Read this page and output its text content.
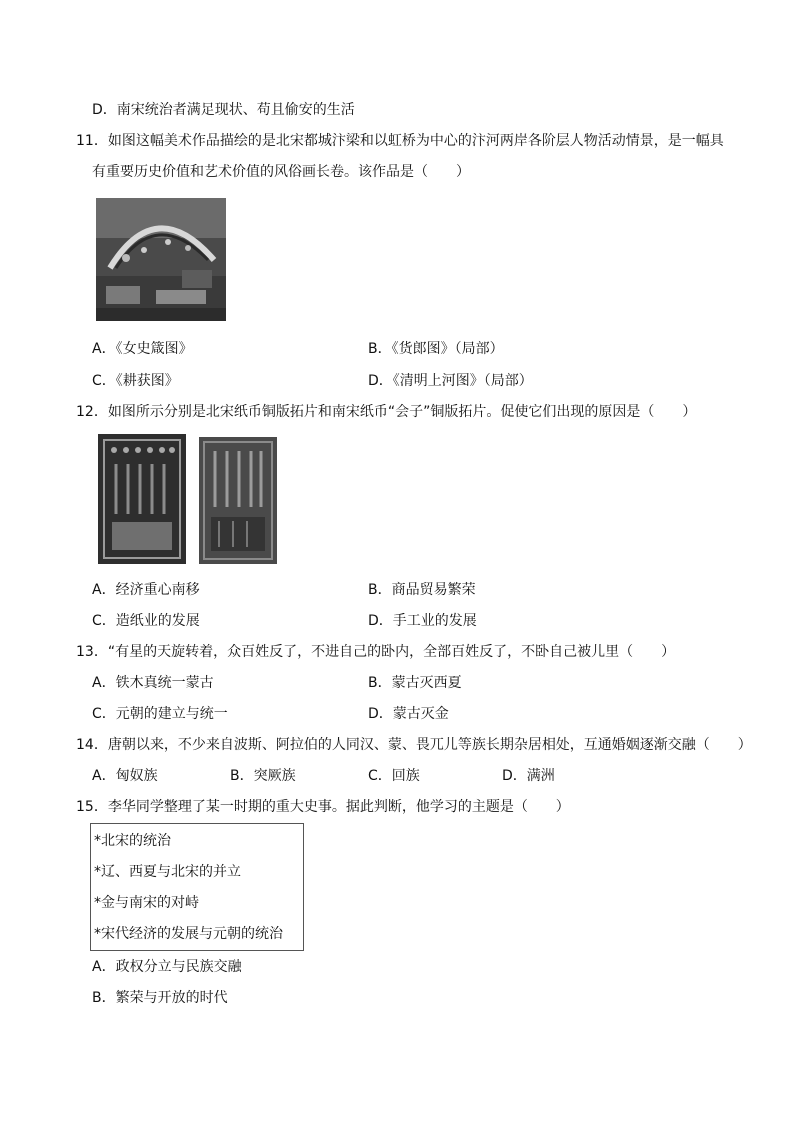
D．南宋统治者满足现状、苟且偷安的生活
11．如图这幅美术作品描绘的是北宋都城汴梁和以虹桥为中心的汴河两岸各阶层人物活动情景，是一幅具
有重要历史价值和艺术价值的风俗画长卷。该作品是（　　）
A．《女史箴图》	B．《货郎图》（局部）
C．《耕获图》	D．《清明上河图》（局部）
12．如图所示分别是北宋纸币铜版拓片和南宋纸币“会子”铜版拓片。促使它们出现的原因是（　　）
A．经济重心南移	B．商品贸易繁荣
C．造纸业的发展	D．手工业的发展
13．“有星的天旋转着，众百姓反了，不进自己的卧内，全部百姓反了，不卧自己被儿里（　　）
A．铁木真统一蒙古	B．蒙古灭西夏
C．元朝的建立与统一	D．蒙古灭金
14．唐朝以来，不少来自波斯、阿拉伯的人同汉、蒙、畏兀儿等族长期杂居相处，互通婚姻逐渐交融（　　）
A．匈奴族	B．突厥族	C．回族	D．满洲
15．李华同学整理了某一时期的重大史事。据此判断，他学习的主题是（　　）
*北宋的统治
*辽、西夏与北宋的并立
*金与南宋的对峙
*宋代经济的发展与元朝的统治
A．政权分立与民族交融
B．繁荣与开放的时代
